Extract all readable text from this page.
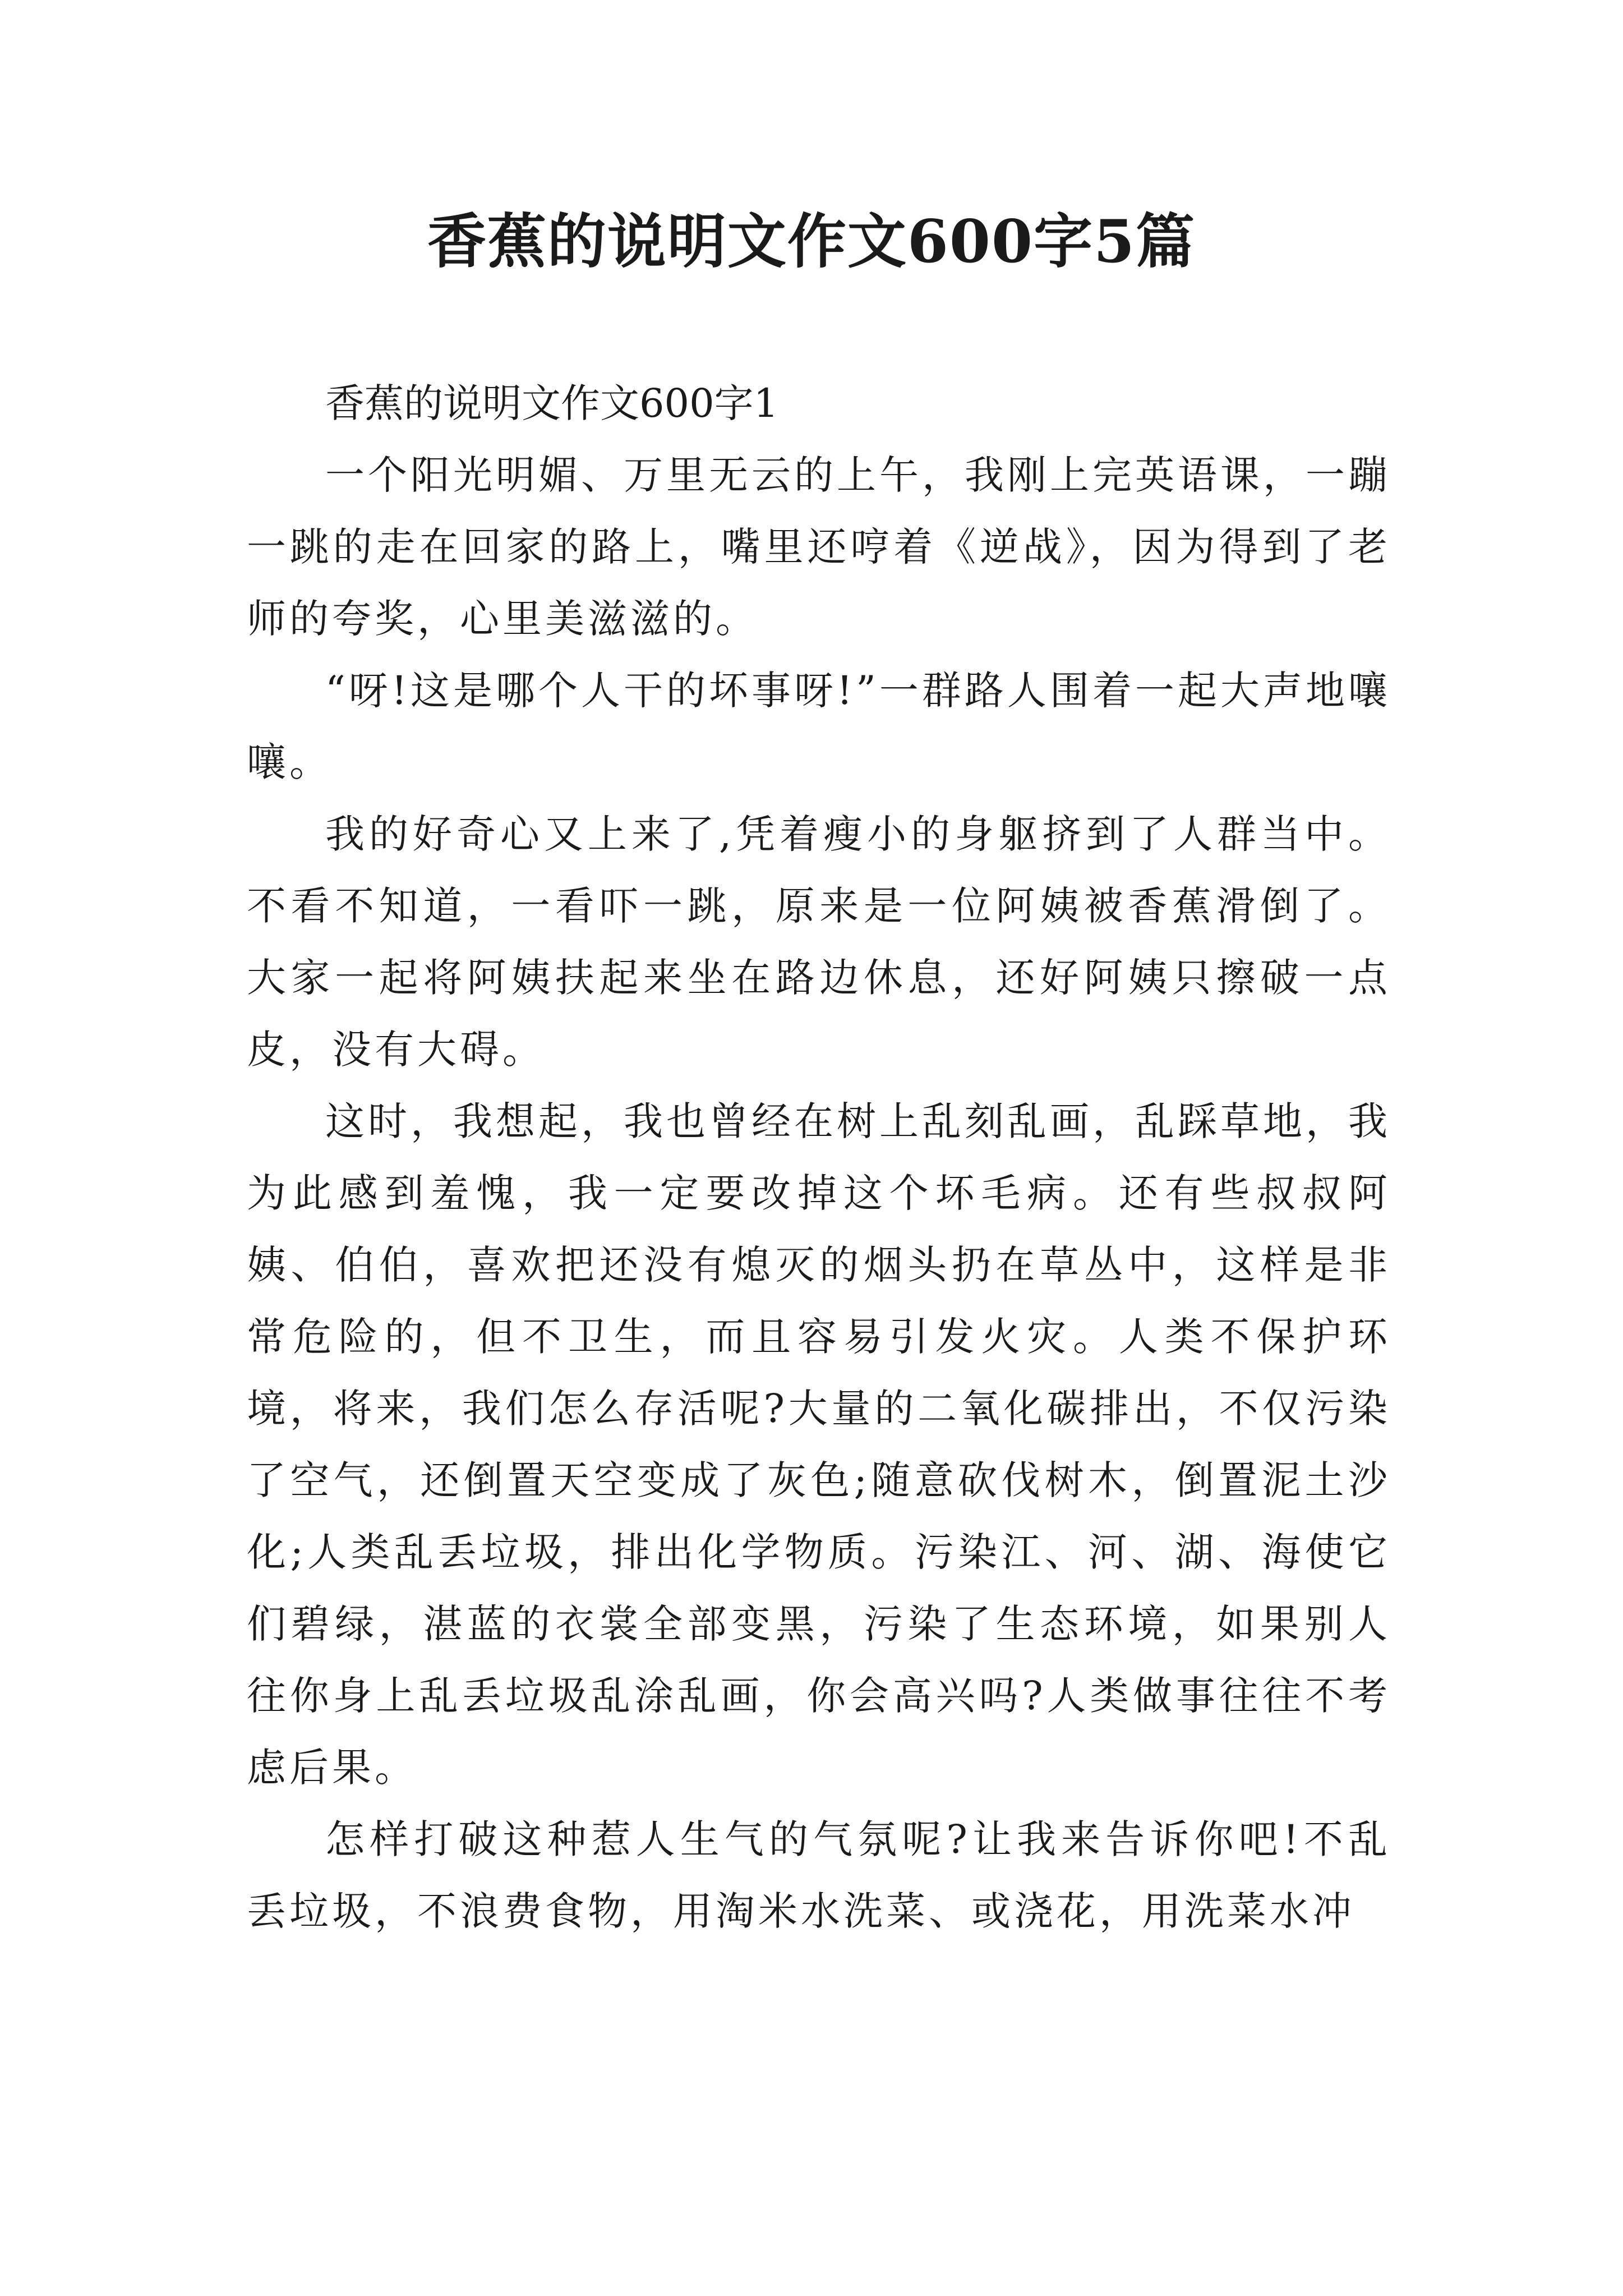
香蕉的说明文作文600字5篇

香蕉的说明文作文600字1

一个阳光明媚、万里无云的上午，我刚上完英语课，一蹦一跳的走在回家的路上，嘴里还哼着《逆战》，因为得到了老师的夸奖，心里美滋滋的。

“呀!这是哪个人干的坏事呀!”一群路人围着一起大声地嚷嚷。

我的好奇心又上来了,凭着瘦小的身躯挤到了人群当中。不看不知道，一看吓一跳，原来是一位阿姨被香蕉滑倒了。大家一起将阿姨扶起来坐在路边休息，还好阿姨只擦破一点皮，没有大碍。

这时，我想起，我也曾经在树上乱刻乱画，乱踩草地，我为此感到羞愧，我一定要改掉这个坏毛病。还有些叔叔阿姨、伯伯，喜欢把还没有熄灭的烟头扔在草丛中，这样是非常危险的，但不卫生，而且容易引发火灾。人类不保护环境，将来，我们怎么存活呢?大量的二氧化碳排出，不仅污染了空气，还倒置天空变成了灰色;随意砍伐树木，倒置泥土沙化;人类乱丢垃圾，排出化学物质。污染江、河、湖、海使它们碧绿，湛蓝的衣裳全部变黑，污染了生态环境，如果别人往你身上乱丢垃圾乱涂乱画，你会高兴吗?人类做事往往不考虑后果。

怎样打破这种惹人生气的气氛呢?让我来告诉你吧!不乱丢垃圾，不浪费食物，用淘米水洗菜、或浇花，用洗菜水冲
